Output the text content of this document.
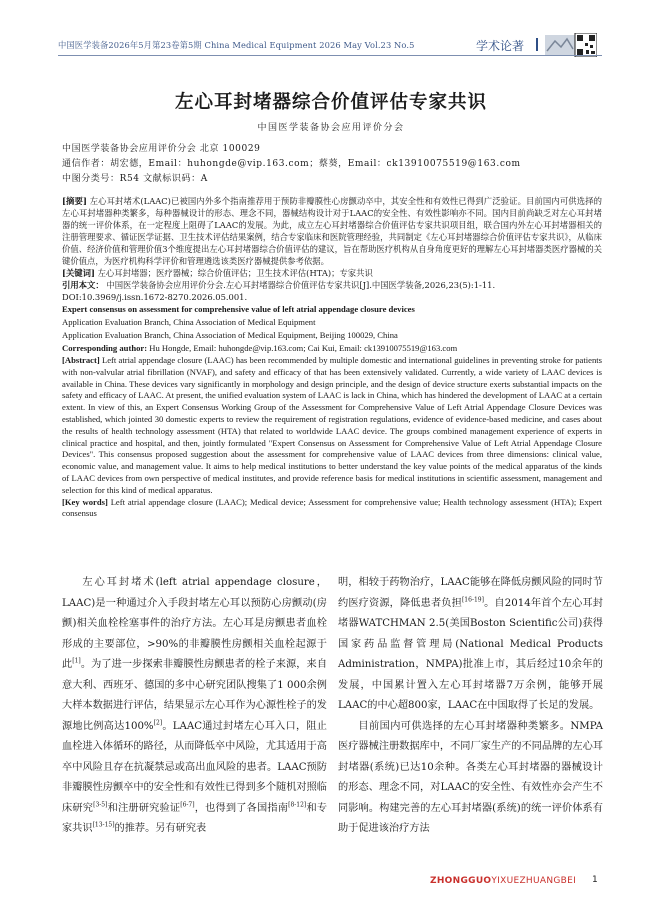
中国医学装备2026年5月第23卷第5期 China Medical Equipment 2026 May Vol.23 No.5	学术论著
左心耳封堵器综合价值评估专家共识
中国医学装备协会应用评价分会
中国医学装备协会应用评价分会 北京 100029
通信作者：胡宏德，Email：huhongde@vip.163.com；蔡葵，Email：ck13910075519@163.com
中图分类号：R54 文献标识码：A
[摘要] 左心耳封堵术(LAAC)已被国内外多个指南推荐用于预防非瓣膜性心房颤动卒中，其安全性和有效性已得到广泛验证。目前国内可供选择的左心耳封堵器种类繁多，每种器械设计的形态、理念不同，器械结构设计对于LAAC的安全性、有效性影响亦不同。国内目前尚缺乏对左心耳封堵器的统一评价体系，在一定程度上阻碍了LAAC的发展。为此，成立左心耳封堵器综合价值评估专家共识项目组，联合国内外左心耳封堵器相关的注册管理要求、循证医学证据、卫生技术评估结果案例，结合专家临床和医院管理经验，共同制定《左心耳封堵器综合价值评估专家共识》，从临床价值、经济价值和管理价值3个维度提出左心耳封堵器综合价值评估的建议，旨在帮助医疗机构从自身角度更好的理解左心耳封堵器类医疗器械的关键价值点，为医疗机构科学评价和管理遴选该类医疗器械提供参考依据。
[关键词] 左心耳封堵器；医疗器械；综合价值评估；卫生技术评估(HTA)；专家共识
引用本文： 中国医学装备协会应用评价分会.左心耳封堵器综合价值评估专家共识[J].中国医学装备,2026,23(5):1-11.
DOI:10.3969/j.issn.1672-8270.2026.05.001.
Expert consensus on assessment for comprehensive value of left atrial appendage closure devices
Application Evaluation Branch, China Association of Medical Equipment
Application Evaluation Branch, China Association of Medical Equipment, Beijing 100029, China
Corresponding author: Hu Hongde, Email: huhongde@vip.163.com; Cai Kui, Email: ck13910075519@163.com
[Abstract] Left atrial appendage closure (LAAC) has been recommended by multiple domestic and international guidelines in preventing stroke for patients with non-valvular atrial fibrillation (NVAF), and safety and efficacy of that has been extensively validated. Currently, a wide variety of LAAC devices is available in China. These devices vary significantly in morphology and design principle, and the design of device structure exerts substantial impacts on the safety and efficacy of LAAC. At present, the unified evaluation system of LAAC is lack in China, which has hindered the development of LAAC at a certain extent. In view of this, an Expert Consensus Working Group of the Assessment for Comprehensive Value of Left Atrial Appendage Closure Devices was established, which jointed 30 domestic experts to review the requirement of registration regulations, evidence of evidence-based medicine, and cases about the results of health technology assessment (HTA) that related to worldwide LAAC device. The groups combined management experience of experts in clinical practice and hospital, and then, jointly formulated "Expert Consensus on Assessment for Comprehensive Value of Left Atrial Appendage Closure Devices". This consensus proposed suggestion about the assessment for comprehensive value of LAAC devices from three dimensions: clinical value, economic value, and management value. It aims to help medical institutions to better understand the key value points of the medical apparatus of the kinds of LAAC devices from own perspective of medical institutes, and provide reference basis for medical institutions in scientific assessment, management and selection for this kind of medical apparatus.
[Key words] Left atrial appendage closure (LAAC); Medical device; Assessment for comprehensive value; Health technology assessment (HTA); Expert consensus
左心耳封堵术(left atrial appendage closure，LAAC)是一种通过介入手段封堵左心耳以预防心房颤动(房颤)相关血栓栓塞事件的治疗方法。左心耳是房颤患者血栓形成的主要部位，>90%的非瓣膜性房颤相关血栓起源于此[1]。为了进一步探索非瓣膜性房颤患者的栓子来源，来自意大利、西班牙、德国的多中心研究团队搜集了1 000余例大样本数据进行评估，结果显示左心耳作为心源性栓子的发源地比例高达100%[2]。LAAC通过封堵左心耳入口，阻止血栓进入体循环的路径，从而降低卒中风险，尤其适用于高卒中风险且存在抗凝禁忌或高出血风险的患者。LAAC预防非瓣膜性房颤卒中的安全性和有效性已得到多个随机对照临床研究[3-5]和注册研究验证[6-7]，也得到了各国指南[8-12]和专家共识[13-15]的推荐。另有研究表
明，相较于药物治疗，LAAC能够在降低房颤风险的同时节约医疗资源，降低患者负担[16-19]。自2014年首个左心耳封堵器WATCHMAN 2.5(美国Boston Scientific公司)获得国家药品监督管理局(National Medical Products Administration，NMPA)批准上市，其后经过10余年的发展，中国累计置入左心耳封堵器7万余例，能够开展LAAC的中心超800家，LAAC在中国取得了长足的发展。
目前国内可供选择的左心耳封堵器种类繁多。NMPA医疗器械注册数据库中，不同厂家生产的不同品牌的左心耳封堵器(系统)已达10余种。各类左心耳封堵器的器械设计的形态、理念不同，对LAAC的安全性、有效性亦会产生不同影响。构建完善的左心耳封堵器(系统)的统一评价体系有助于促进该治疗方法
ZHONGGUOYIXUEZHUANGBEI 1
